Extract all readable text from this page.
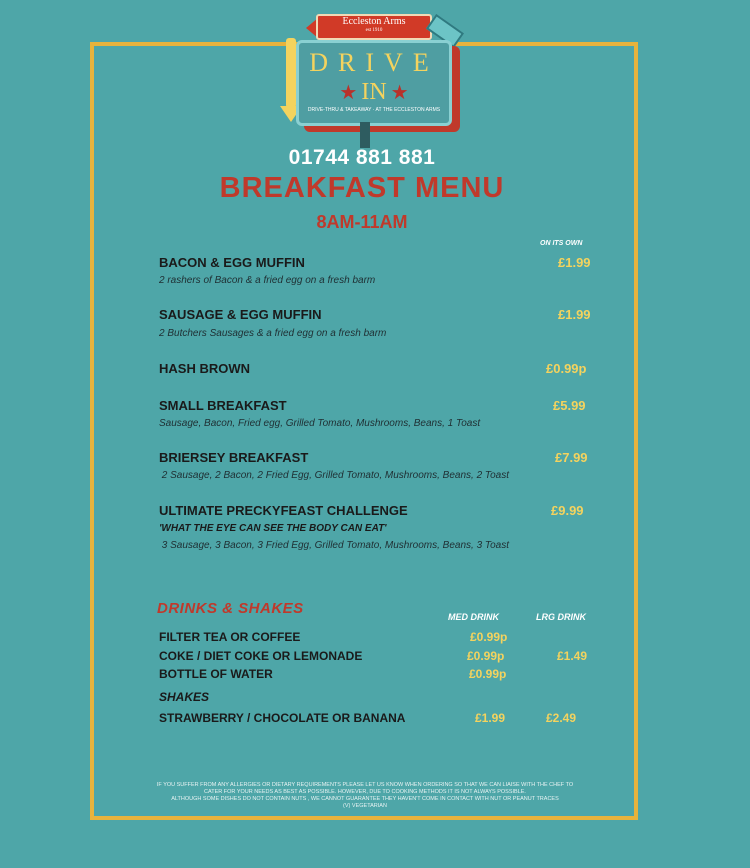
Eccleston Arms
est 1910
DRIVE
★ IN ★
DRIVE-THRU & TAKEAWAY · AT THE ECCLESTON ARMS
01744 881 881
BREAKFAST MENU
8AM-11AM
ON ITS OWN
BACON & EGG MUFFIN
2 rashers of Bacon & a fried egg on a fresh barm
£1.99
SAUSAGE & EGG MUFFIN
2 Butchers Sausages & a fried egg on a fresh barm
£1.99
HASH BROWN	£0.99p
SMALL BREAKFAST
Sausage, Bacon, Fried egg, Grilled Tomato, Mushrooms, Beans, 1 Toast
£5.99
BRIERSEY BREAKFAST
2 Sausage, 2 Bacon, 2 Fried Egg, Grilled Tomato, Mushrooms, Beans, 2 Toast
£7.99
ULTIMATE PRECKYFEAST CHALLENGE
'WHAT THE EYE CAN SEE THE BODY CAN EAT'
3 Sausage, 3 Bacon, 3 Fried Egg, Grilled Tomato, Mushrooms, Beans, 3 Toast
£9.99
DRINKS & SHAKES	MED DRINK	LRG DRINK
FILTER TEA OR COFFEE	£0.99p
COKE / DIET COKE OR LEMONADE	£0.99p	£1.49
BOTTLE OF WATER	£0.99p
SHAKES
STRAWBERRY / CHOCOLATE OR BANANA	£1.99	£2.49
IF YOU SUFFER FROM ANY ALLERGIES OR DIETARY REQUIREMENTS PLEASE LET US KNOW WHEN ORDERING SO THAT WE CAN LIAISE WITH THE CHEF TO
CATER FOR YOUR NEEDS AS BEST AS POSSIBLE. HOWEVER, DUE TO COOKING METHODS IT IS NOT ALWAYS POSSIBLE.
ALTHOUGH SOME DISHES DO NOT CONTAIN NUTS , WE CANNOT GUARANTEE THEY HAVEN'T COME IN CONTACT WITH NUT OR PEANUT TRACES
(V) VEGETARIAN
